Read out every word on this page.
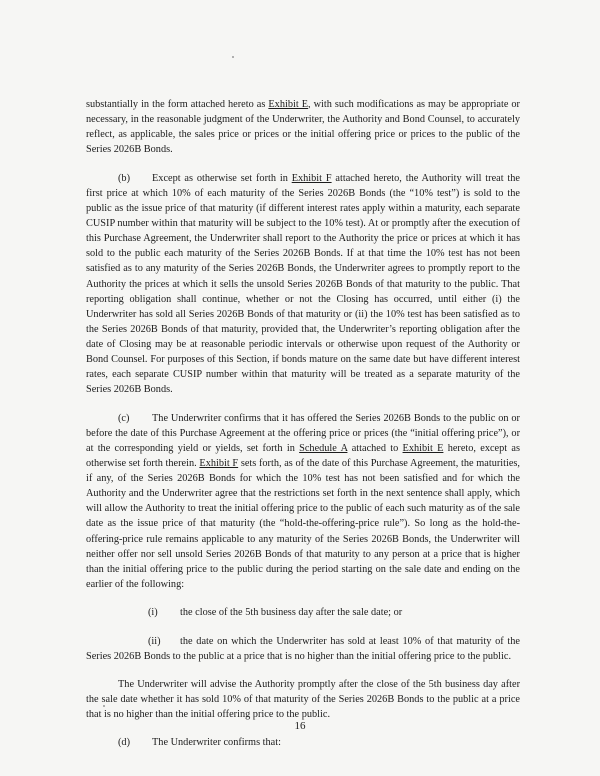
substantially in the form attached hereto as Exhibit E, with such modifications as may be appropriate or necessary, in the reasonable judgment of the Underwriter, the Authority and Bond Counsel, to accurately reflect, as applicable, the sales price or prices or the initial offering price or prices to the public of the Series 2026B Bonds.

(b) Except as otherwise set forth in Exhibit F attached hereto, the Authority will treat the first price at which 10% of each maturity of the Series 2026B Bonds (the “10% test”) is sold to the public as the issue price of that maturity (if different interest rates apply within a maturity, each separate CUSIP number within that maturity will be subject to the 10% test). At or promptly after the execution of this Purchase Agreement, the Underwriter shall report to the Authority the price or prices at which it has sold to the public each maturity of the Series 2026B Bonds. If at that time the 10% test has not been satisfied as to any maturity of the Series 2026B Bonds, the Underwriter agrees to promptly report to the Authority the prices at which it sells the unsold Series 2026B Bonds of that maturity to the public. That reporting obligation shall continue, whether or not the Closing has occurred, until either (i) the Underwriter has sold all Series 2026B Bonds of that maturity or (ii) the 10% test has been satisfied as to the Series 2026B Bonds of that maturity, provided that, the Underwriter’s reporting obligation after the date of Closing may be at reasonable periodic intervals or otherwise upon request of the Authority or Bond Counsel. For purposes of this Section, if bonds mature on the same date but have different interest rates, each separate CUSIP number within that maturity will be treated as a separate maturity of the Series 2026B Bonds.

(c) The Underwriter confirms that it has offered the Series 2026B Bonds to the public on or before the date of this Purchase Agreement at the offering price or prices (the “initial offering price”), or at the corresponding yield or yields, set forth in Schedule A attached to Exhibit E hereto, except as otherwise set forth therein. Exhibit F sets forth, as of the date of this Purchase Agreement, the maturities, if any, of the Series 2026B Bonds for which the 10% test has not been satisfied and for which the Authority and the Underwriter agree that the restrictions set forth in the next sentence shall apply, which will allow the Authority to treat the initial offering price to the public of each such maturity as of the sale date as the issue price of that maturity (the “hold-the-offering-price rule”). So long as the hold-the-offering-price rule remains applicable to any maturity of the Series 2026B Bonds, the Underwriter will neither offer nor sell unsold Series 2026B Bonds of that maturity to any person at a price that is higher than the initial offering price to the public during the period starting on the sale date and ending on the earlier of the following:

(i) the close of the 5th business day after the sale date; or
(ii) the date on which the Underwriter has sold at least 10% of that maturity of the Series 2026B Bonds to the public at a price that is no higher than the initial offering price to the public.

The Underwriter will advise the Authority promptly after the close of the 5th business day after the sale date whether it has sold 10% of that maturity of the Series 2026B Bonds to the public at a price that is no higher than the initial offering price to the public.

(d) The Underwriter confirms that:

16
